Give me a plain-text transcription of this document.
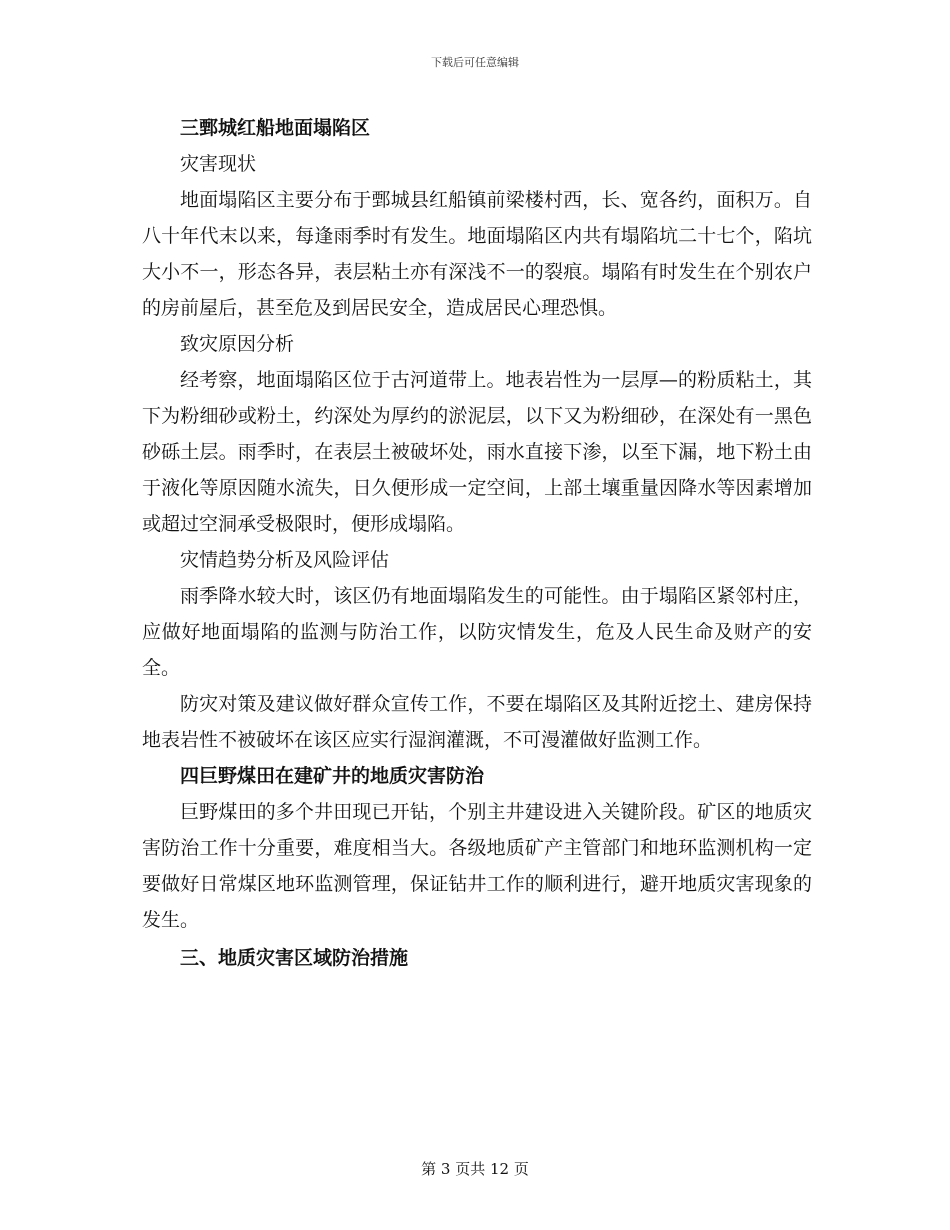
下载后可任意编辑
三鄄城红船地面塌陷区

灾害现状

地面塌陷区主要分布于鄄城县红船镇前梁楼村西，长、宽各约，面积万。自八十年代末以来，每逢雨季时有发生。地面塌陷区内共有塌陷坑二十七个，陷坑大小不一，形态各异，表层粘土亦有深浅不一的裂痕。塌陷有时发生在个别农户的房前屋后，甚至危及到居民安全，造成居民心理恐惧。

致灾原因分析

经考察，地面塌陷区位于古河道带上。地表岩性为一层厚—的粉质粘土，其下为粉细砂或粉土，约深处为厚约的淤泥层，以下又为粉细砂，在深处有一黑色砂砾土层。雨季时，在表层土被破坏处，雨水直接下渗，以至下漏，地下粉土由于液化等原因随水流失，日久便形成一定空间，上部土壤重量因降水等因素增加或超过空洞承受极限时，便形成塌陷。

灾情趋势分析及风险评估

雨季降水较大时，该区仍有地面塌陷发生的可能性。由于塌陷区紧邻村庄，应做好地面塌陷的监测与防治工作，以防灾情发生，危及人民生命及财产的安全。

防灾对策及建议做好群众宣传工作，不要在塌陷区及其附近挖土、建房保持地表岩性不被破坏在该区应实行湿润灌溉，不可漫灌做好监测工作。

四巨野煤田在建矿井的地质灾害防治

巨野煤田的多个井田现已开钻，个别主井建设进入关键阶段。矿区的地质灾害防治工作十分重要，难度相当大。各级地质矿产主管部门和地环监测机构一定要做好日常煤区地环监测管理，保证钻井工作的顺利进行，避开地质灾害现象的发生。

三、地质灾害区域防治措施
第 3 页共 12 页
